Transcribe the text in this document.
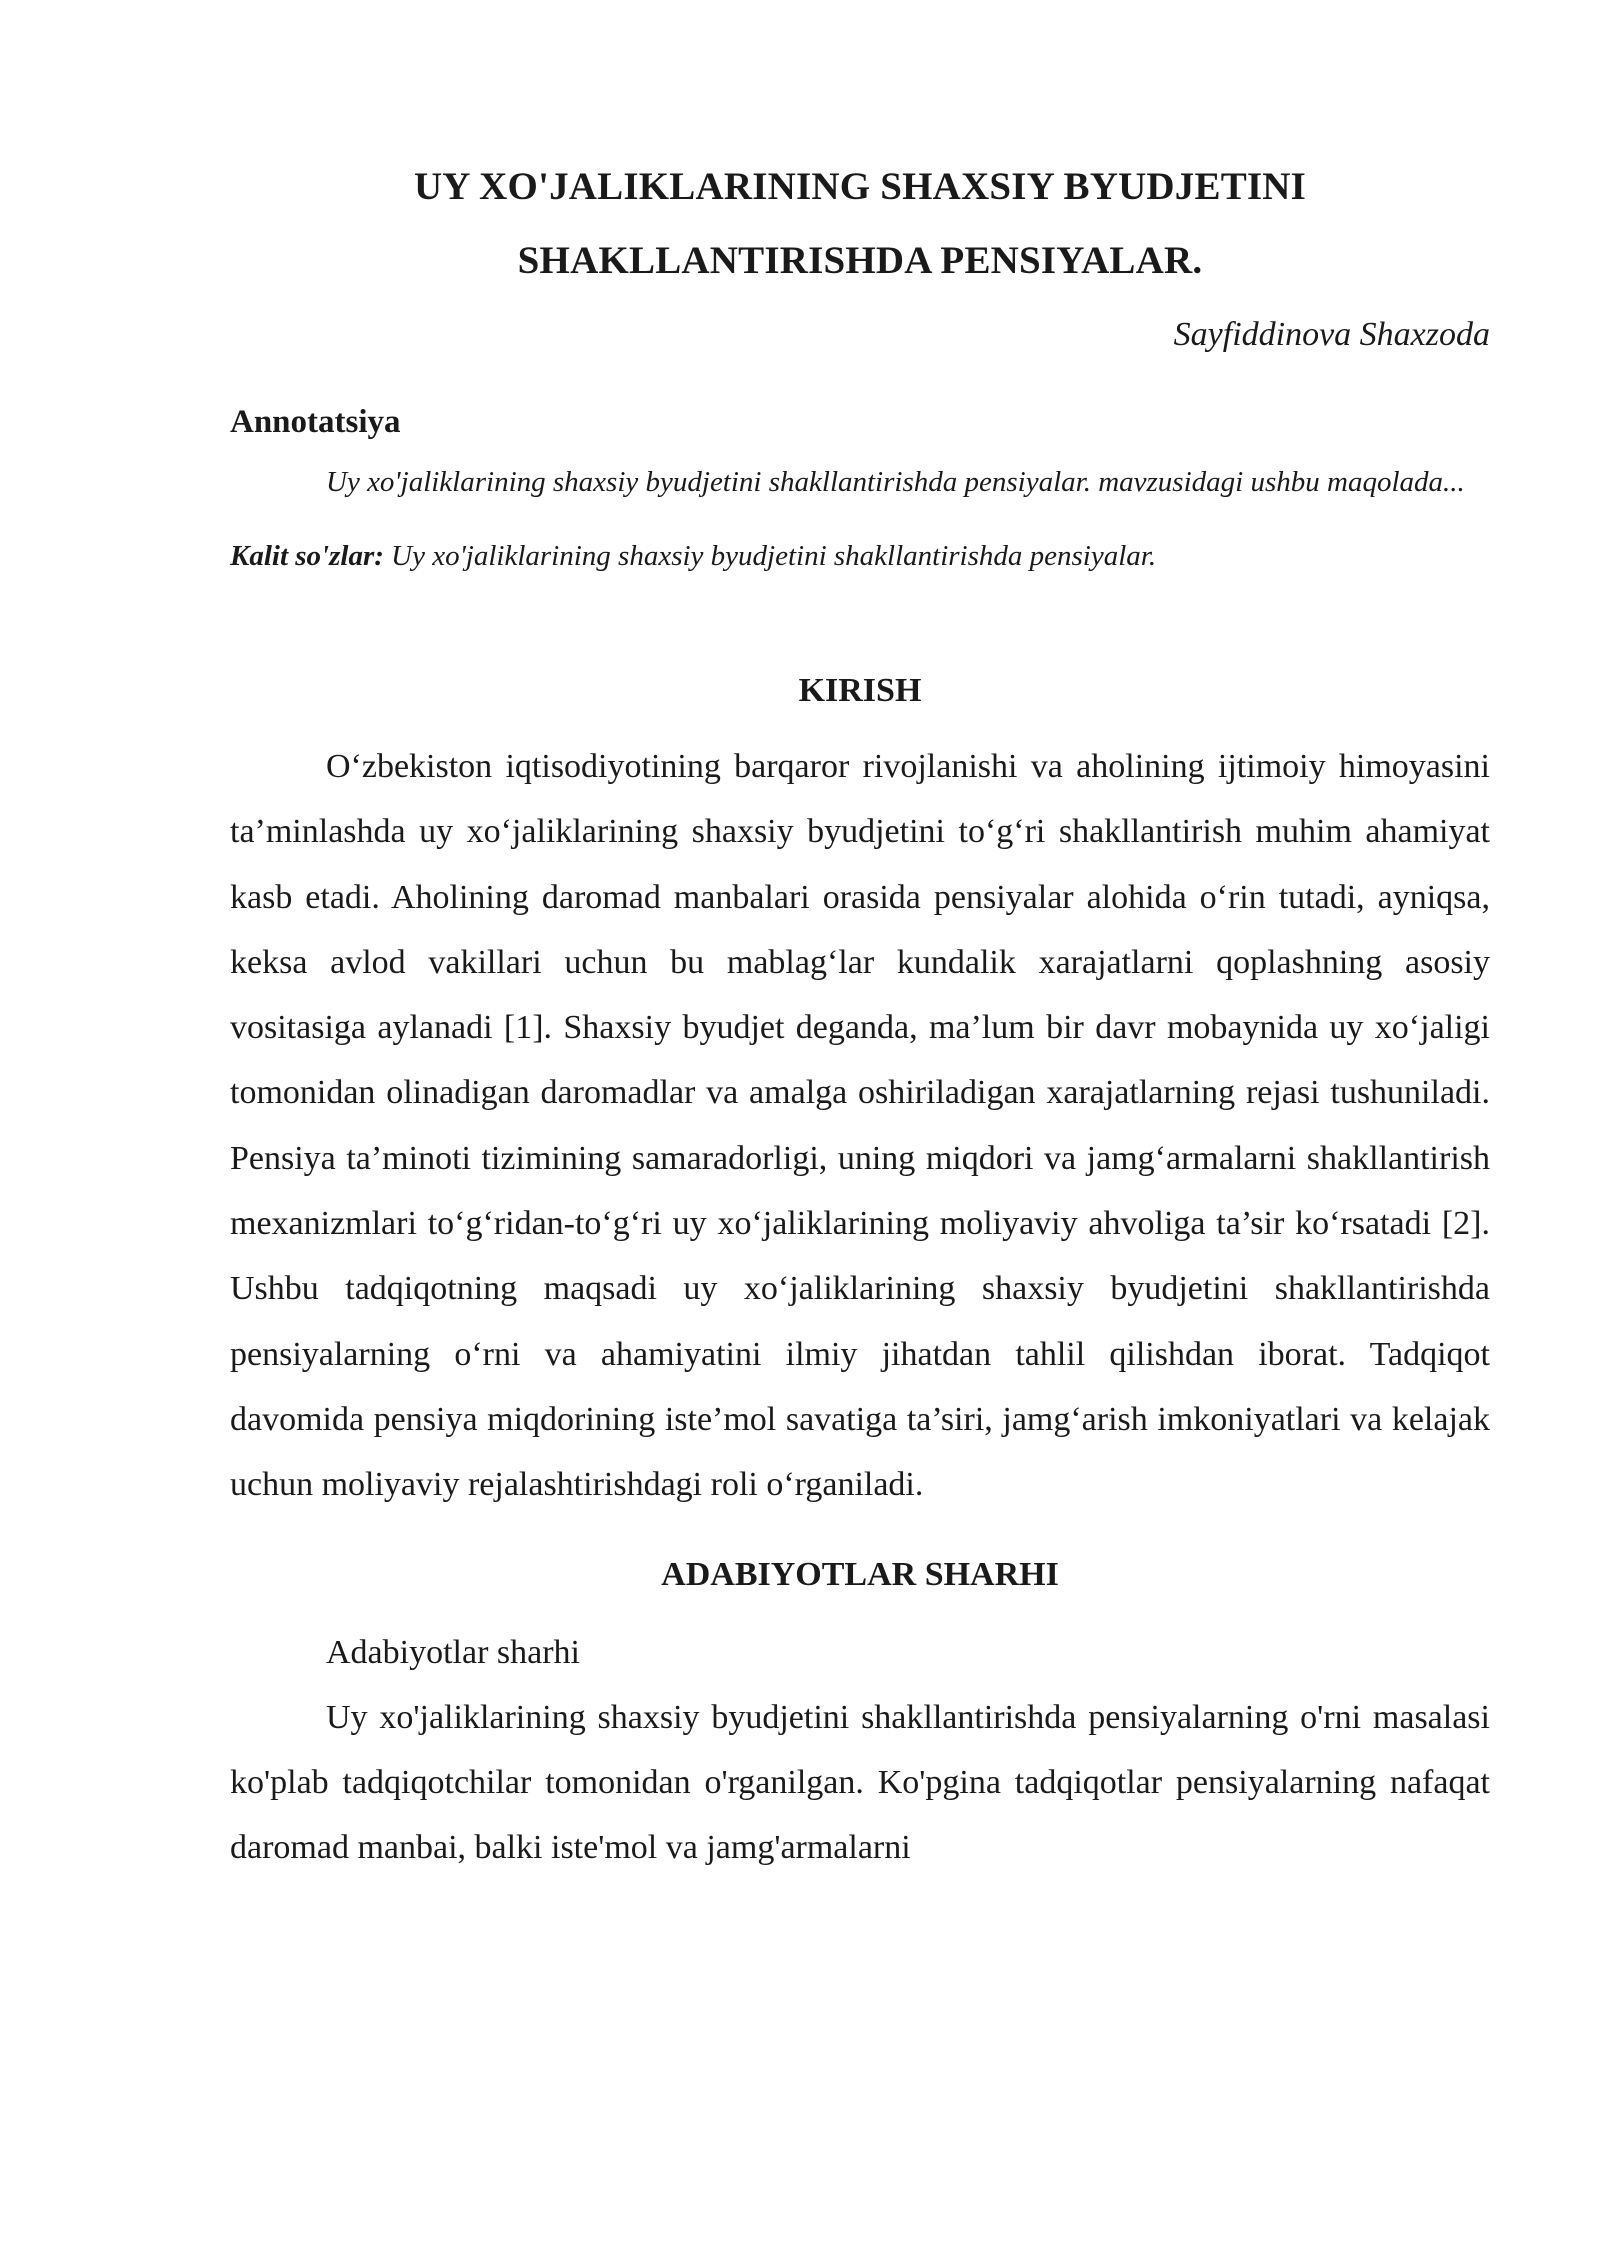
UY XO'JALIKLARINING SHAXSIY BYUDJETINI
SHAKLLANTIRISHDA PENSIYALAR.
Sayfiddinova Shaxzoda
Annotatsiya

Uy xo'jaliklarining shaxsiy byudjetini shakllantirishda pensiyalar. mavzusidagi ushbu maqolada...

Kalit so'zlar: Uy xo'jaliklarining shaxsiy byudjetini shakllantirishda pensiyalar.
KIRISH

O‘zbekiston iqtisodiyotining barqaror rivojlanishi va aholining ijtimoiy himoyasini ta’minlashda uy xo‘jaliklarining shaxsiy byudjetini to‘g‘ri shakllantirish muhim ahamiyat kasb etadi. Aholining daromad manbalari orasida pensiyalar alohida o‘rin tutadi, ayniqsa, keksa avlod vakillari uchun bu mablag‘lar kundalik xarajatlarni qoplashning asosiy vositasiga aylanadi [1]. Shaxsiy byudjet deganda, ma’lum bir davr mobaynida uy xo‘jaligi tomonidan olinadigan daromadlar va amalga oshiriladigan xarajatlarning rejasi tushuniladi. Pensiya ta’minoti tizimining samaradorligi, uning miqdori va jamg‘armalarni shakllantirish mexanizmlari to‘g‘ridan-to‘g‘ri uy xo‘jaliklarining moliyaviy ahvoliga ta’sir ko‘rsatadi [2]. Ushbu tadqiqotning maqsadi uy xo‘jaliklarining shaxsiy byudjetini shakllantirishda pensiyalarning o‘rni va ahamiyatini ilmiy jihatdan tahlil qilishdan iborat. Tadqiqot davomida pensiya miqdorining iste’mol savatiga ta’siri, jamg‘arish imkoniyatlari va kelajak uchun moliyaviy rejalashtirishdagi roli o‘rganiladi.

ADABIYOTLAR SHARHI

Adabiyotlar sharhi

Uy xo'jaliklarining shaxsiy byudjetini shakllantirishda pensiyalarning o'rni masalasi ko'plab tadqiqotchilar tomonidan o'rganilgan. Ko'pgina tadqiqotlar pensiyalarning nafaqat daromad manbai, balki iste'mol va jamg'armalarni
